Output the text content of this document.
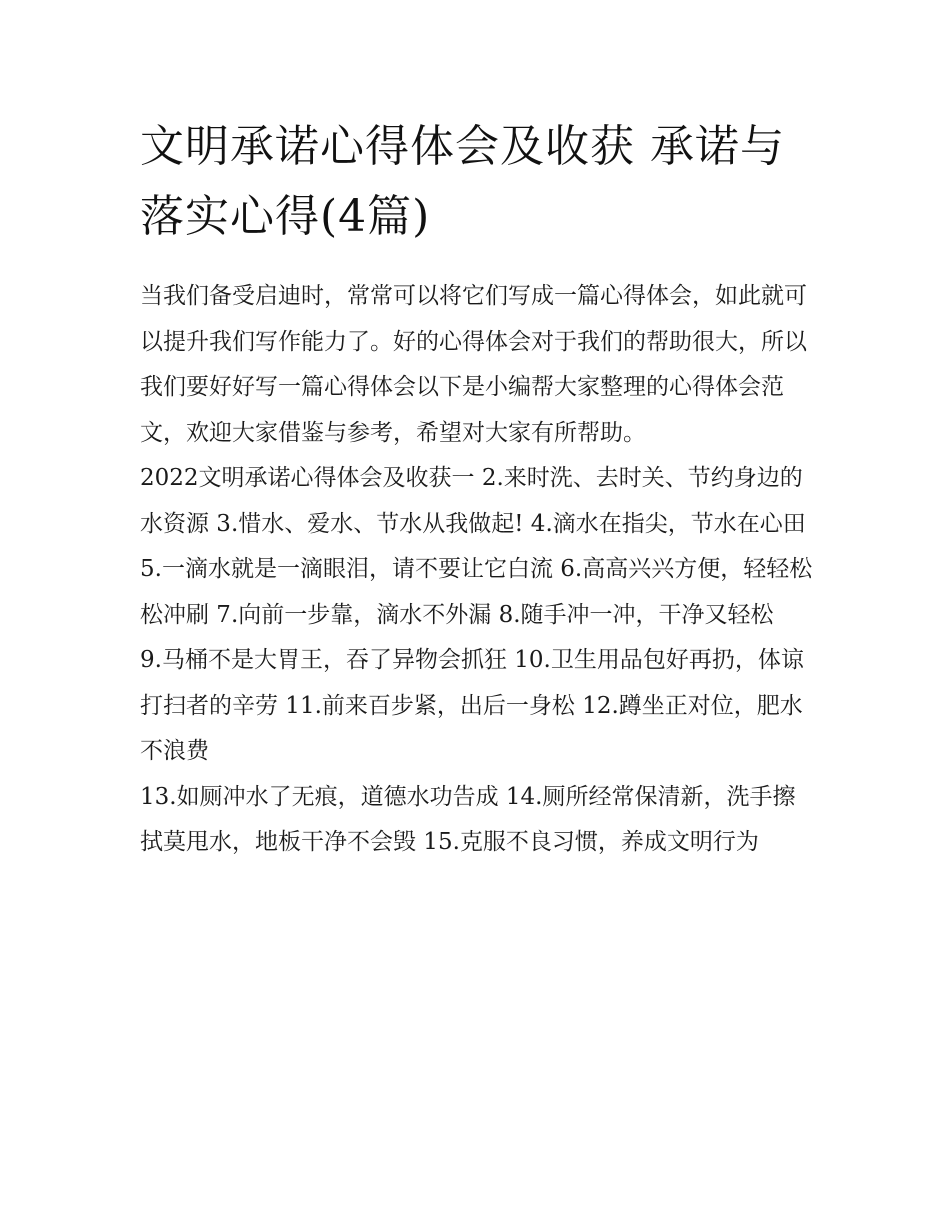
文明承诺心得体会及收获 承诺与落实心得(4篇)

当我们备受启迪时，常常可以将它们写成一篇心得体会，如此就可以提升我们写作能力了。好的心得体会对于我们的帮助很大，所以我们要好好写一篇心得体会以下是小编帮大家整理的心得体会范文，欢迎大家借鉴与参考，希望对大家有所帮助。

2022文明承诺心得体会及收获一 2.来时洗、去时关、节约身边的水资源 3.惜水、爱水、节水从我做起! 4.滴水在指尖，节水在心田

5.一滴水就是一滴眼泪，请不要让它白流 6.高高兴兴方便，轻轻松松冲刷 7.向前一步靠，滴水不外漏 8.随手冲一冲，干净又轻松

9.马桶不是大胃王，吞了异物会抓狂 10.卫生用品包好再扔，体谅打扫者的辛劳 11.前来百步紧，出后一身松 12.蹲坐正对位，肥水不浪费

13.如厕冲水了无痕，道德水功告成 14.厕所经常保清新，洗手擦拭莫甩水，地板干净不会毁 15.克服不良习惯，养成文明行为
